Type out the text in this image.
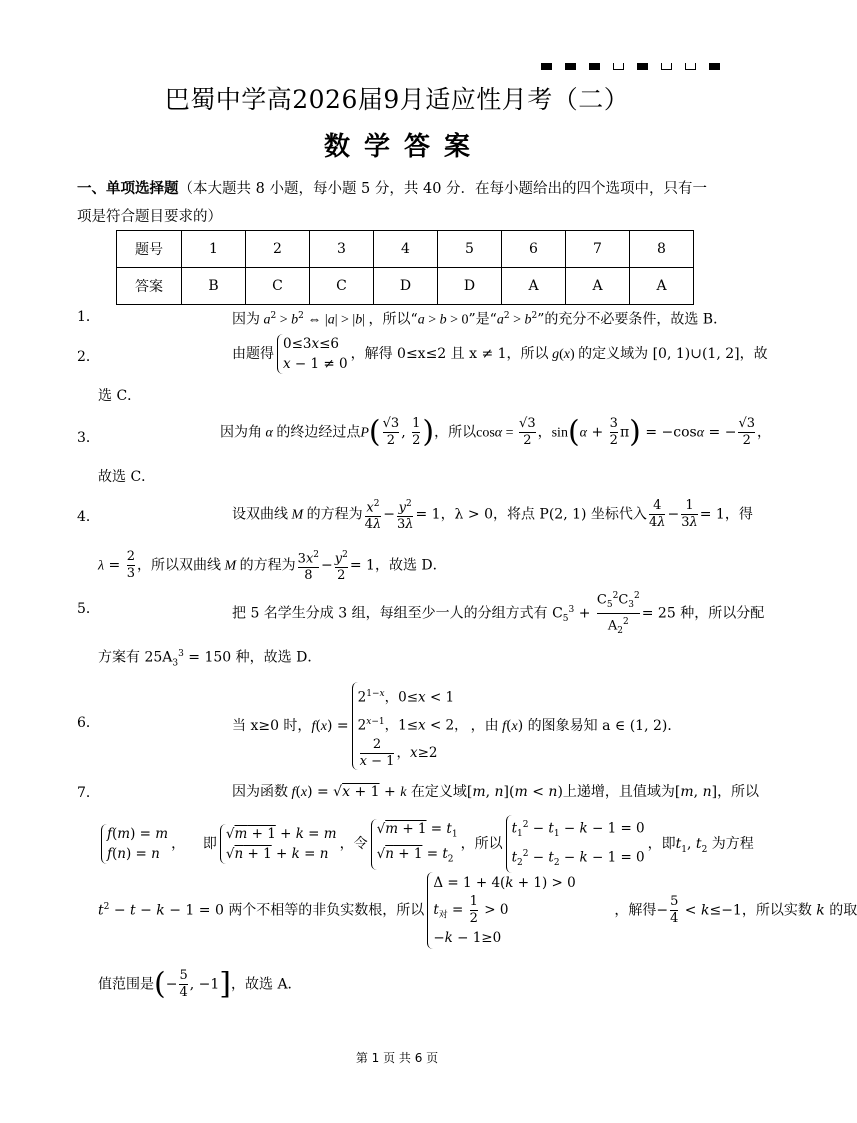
巴蜀中学高2026届9月适应性月考（二）
数学答案
一、单项选择题（本大题共 8 小题，每小题 5 分，共 40 分．在每小题给出的四个选项中，只有一项是符合题目要求的）
题号	1	2	3	4	5	6	7	8
答案	B	C	C	D	D	A	A	A
1．	因为 $a^2 > b^2$ ⇔ |a| > |b| ，所以“a > b > 0”是“$a^2 > b^2$”的充分不必要条件，故选 B．
2．	由题得
0≤3x≤6
x − 1 ≠ 0
，解得 0≤x≤2 且 x ≠ 1，所以 g(x) 的定义域为 [0, 1)∪(1, 2]，故
选 C．
3．	因为角 α 的终边经过点$P( \frac{√3}{2}$ , $\frac{1}{2}$ )，所以$\cos\alpha = \frac{√3}{2}$ ，$\sin(\alpha + \frac{3}{2} \pi) = -\cos\alpha$ = − $\frac{√3}{2}$ ，
故选 C．
4．	设双曲线 M 的方程为 $\frac{x^2}{4\lambda} - \frac{y^2}{3\lambda} = 1$，λ > 0，将点 P(2, 1) 坐标代入 $\frac{4}{4\lambda} - \frac{1}{3\lambda} = 1$，得
$\lambda = \frac{2}{3}$ ，所以双曲线 M 的方程为 $\frac{3x^2}{8} - \frac{y^2}{2} = 1$，故选 D．
5．	把 5 名学生分成 3 组，每组至少一人的分组方式有 $C_5^3 + \frac{C_5^2C_3^2}{A_2^2} = 25$ 种，所以分配
方案有 $25A_3^3 = 150$ 种，故选 D．
6．	当 x≥0 时，f(x) =
$2^{1-x}$，0≤x < 1
$2^{x-1}$，1≤x < 2，
$\frac{2}{x - 1}$ ，x≥2
，由 f(x) 的图象易知 a ∈ (1, 2)．
7．	因为函数 f(x) = √x + 1 + k 在定义域[m, n](m < n)上递增，且值域为[m, n]，所以
f(m) = m
f(n) = n
，    即
√m + 1 + k = m
√n + 1 + k = n
，令
$√m + 1 = t_1$
$√n + 1 = t_2$
，所以
$t_1^2 - t_1 - k - 1 = 0$
$t_2^2 - t_2 - k - 1 = 0$
，即$t_1$, $t_2$ 为方程
$t^2 - t - k - 1 = 0$ 两个不相等的非负实数根，所以
Δ = 1 + 4(k + 1) > 0
$t_对 = \frac{1}{2} > 0$
−k − 1≥0
，解得− $\frac{5}{4} < k\le-1$，所以实数 k 的取
值范围是(− $\frac{5}{4}$ , −1]，故选 A．
第 1 页 共 6 页
